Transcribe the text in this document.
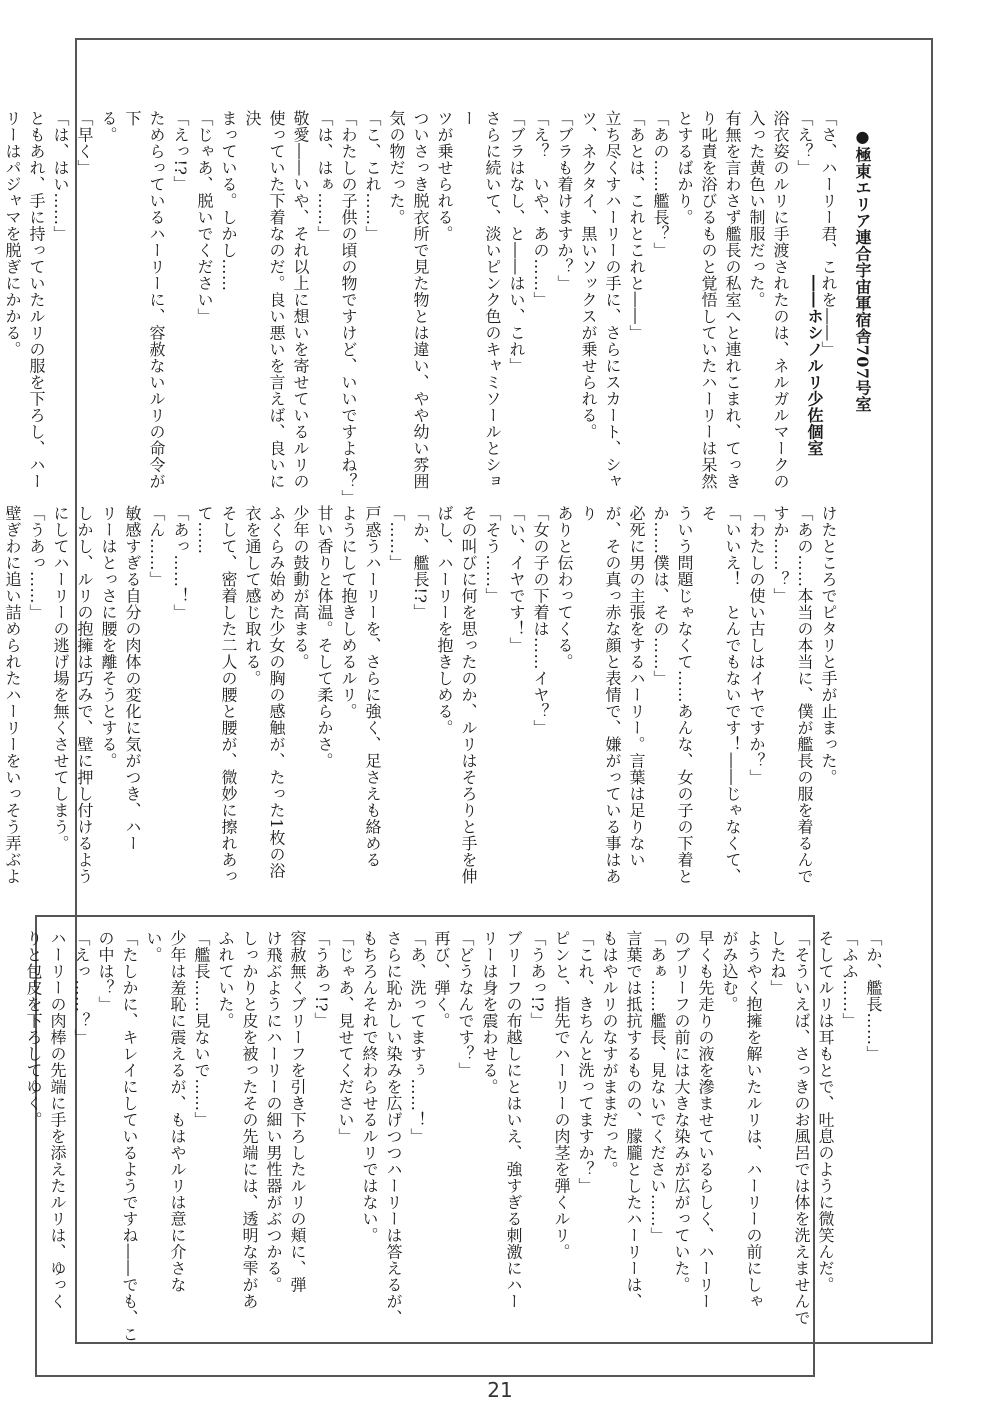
●極東エリア連合宇宙軍宿舎707号室

――ホシノルリ少佐個室

「さ、ハーリー君、これを――」
「え？」
浴衣姿のルリに手渡されたのは、ネルガルマークの
入った黄色い制服だった。
有無を言わさず艦長の私室へと連れこまれ、てっき
り叱責を浴びるものと覚悟していたハーリーは呆然
とするばかり。
「あの……艦長？」
「あとは、これとこれと――」
立ち尽くすハーリーの手に、さらにスカート、シャ
ツ、ネクタイ、黒いソックスが乗せられる。
「ブラも着けますか？」
「え？　いや、あの……」
「ブラはなし、と――はい、これ」
さらに続いて、淡いピンク色のキャミソールとショー
ツが乗せられる。
ついさっき脱衣所で見た物とは違い、やや幼い雰囲
気の物だった。
「こ、これ……」
「わたしの子供の頃の物ですけど、いいですよね？」
「は、はぁ……」
敬愛――いや、それ以上に想いを寄せているルリの
使っていた下着なのだ。良い悪いを言えば、良いに決
まっている。しかし……
「じゃあ、脱いでください」
「えっ!?」
ためらっているハーリーに、容赦ないルリの命令が下
る。
「早く」
「は、はい……」
ともあれ、手に持っていたルリの服を下ろし、ハー
リーはパジャマを脱ぎにかかる。
けたところでピタリと手が止まった。
「あの……本当の本当に、僕が艦長の服を着るんで
すか……？」
「わたしの使い古しはイヤですか？」
「いいえ！　とんでもないです！――じゃなくて、そ
ういう問題じゃなくて……あんな、女の子の下着と
か……僕は、その……」
必死に男の主張をするハーリー。言葉は足りない
が、その真っ赤な顔と表情で、嫌がっている事はあり
ありと伝わってくる。
「女の子の下着は……イヤ？」
「い、イヤです！」
「そう……」
その叫びに何を思ったのか、ルリはそろりと手を伸
ばし、ハーリーを抱きしめる。
「か、艦長!?」
「……」
戸惑うハーリーを、さらに強く、足さえも絡める
ようにして抱きしめるルリ。
甘い香りと体温。そして柔らかさ。
少年の鼓動が高まる。
ふくらみ始めた少女の胸の感触が、たった1枚の浴
衣を通して感じ取れる。
そして、密着した二人の腰と腰が、微妙に擦れあっ
て……
「あっ……！」
「ん……」
敏感すぎる自分の肉体の変化に気がつき、ハー
リーはとっさに腰を離そうとする。
しかし、ルリの抱擁は巧みで、壁に押し付けるよう
にしてハーリーの逃げ場を無くさせてしまう。
「うあっ……」
壁ぎわに追い詰められたハーリーをいっそう弄ぶよ
「か、艦長……」
「ふふ……」
そしてルリは耳もとで、吐息のように微笑んだ。
「そういえば、さっきのお風呂では体を洗えませんで
したね」
ようやく抱擁を解いたルリは、ハーリーの前にしゃ
がみ込む。
早くも先走りの液を滲ませているらしく、ハーリー
のブリーフの前には大きな染みが広がっていた。
「あぁ……艦長、見ないでください……」
言葉では抵抗するものの、朦朧としたハーリーは、
もはやルリのなすがままだった。
「これ、きちんと洗ってますか？」
ピンと、指先でハーリーの肉茎を弾くルリ。
「うあっ!?」
ブリーフの布越しにとはいえ、強すぎる刺激にハー
リーは身を震わせる。
「どうなんです？」
再び、弾く。
「あ、洗ってますぅ……！」
さらに恥かしい染みを広げつつハーリーは答えるが、
もちろんそれで終わらせるルリではない。
「じゃあ、見せてください」
「うあっ!?」
容赦無くブリーフを引き下ろしたルリの頬に、弾
け飛ぶようにハーリーの細い男性器がぶつかる。
しっかりと皮を被ったその先端には、透明な雫があ
ふれていた。
「艦長……見ないで……」
少年は羞恥に震えるが、もはやルリは意に介さな
い。
「たしかに、キレイにしているようですね――でも、こ
の中は？」
「えっ……？」
ハーリーの肉棒の先端に手を添えたルリは、ゆっく
りと包皮を下ろしてゆく。
21
